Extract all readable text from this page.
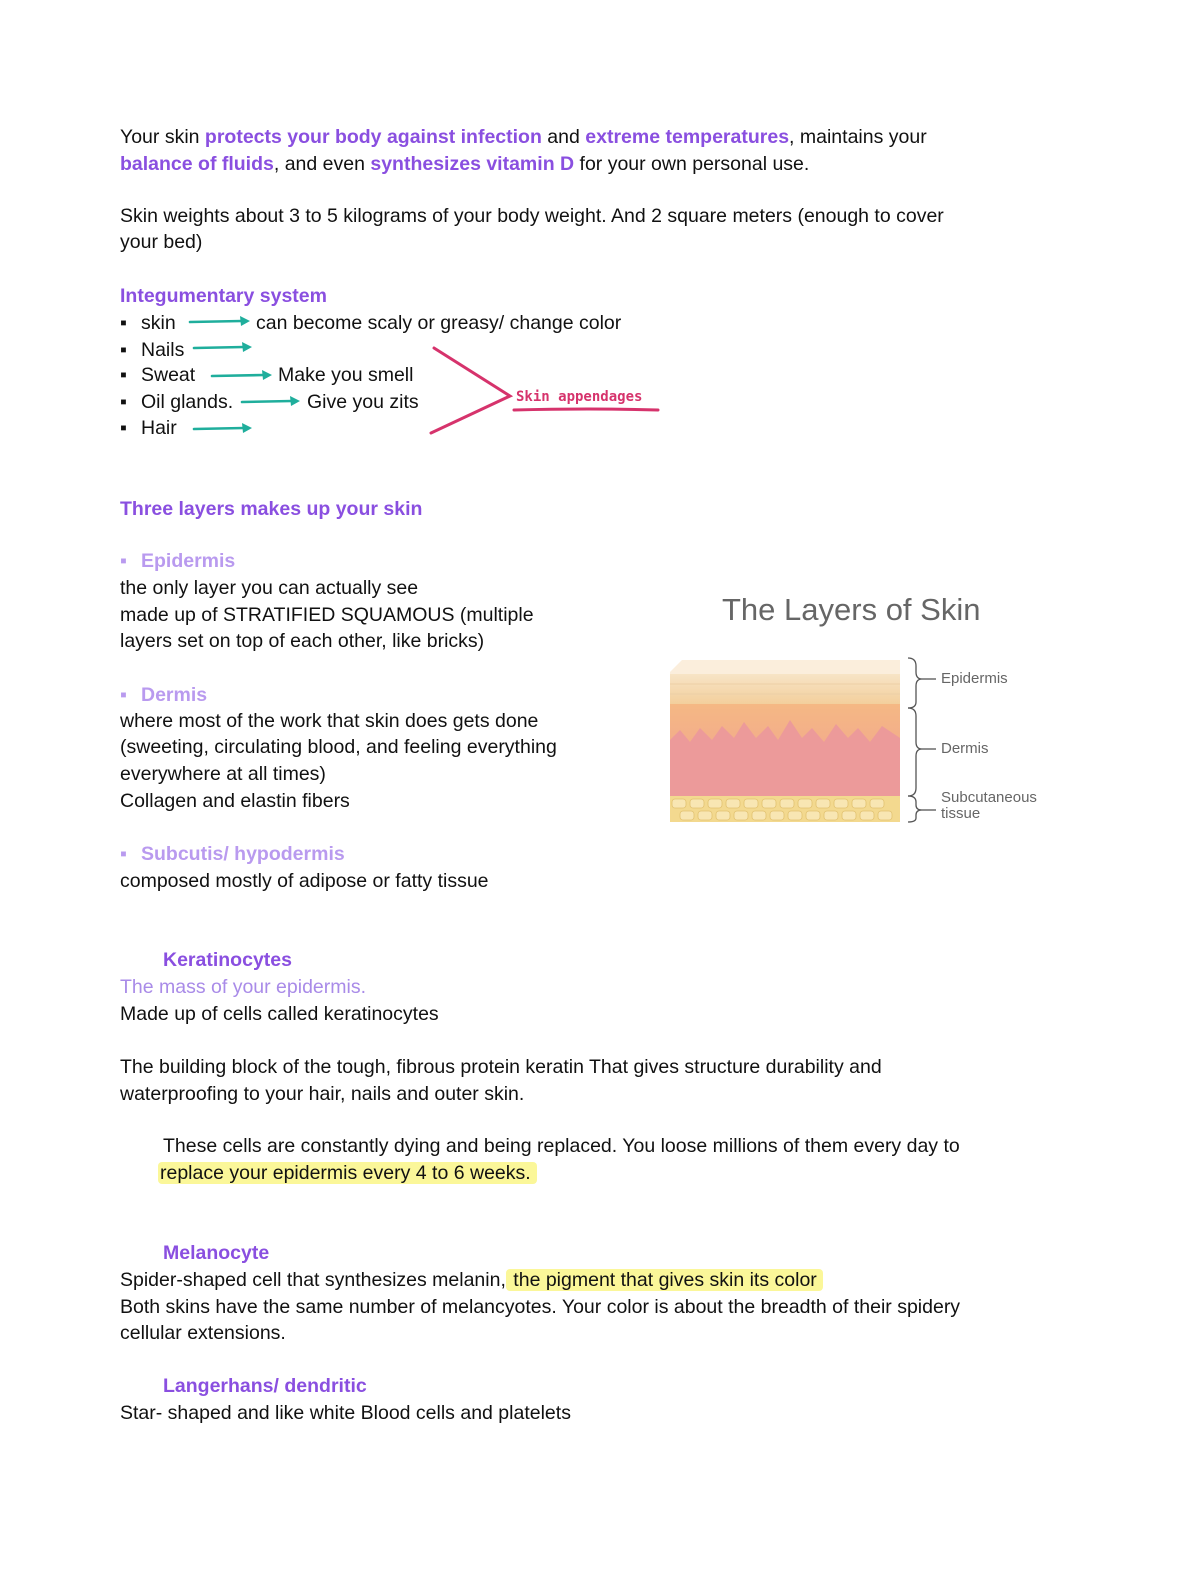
Your skin protects your body against infection and extreme temperatures, maintains your
balance of fluids, and even synthesizes vitamin D for your own personal use.
Skin weights about 3 to 5 kilograms of your body weight. And 2 square meters (enough to cover
your bed)
Integumentary system
▪ skin	can become scaly or greasy/ change color
▪ Nails
▪ Sweat	Make you smell
▪ Oil glands.	Give you zits
▪ Hair
Skin appendages
Three layers makes up your skin
▪ Epidermis
the only layer you can actually see
made up of STRATIFIED SQUAMOUS (multiple
layers set on top of each other, like bricks)
▪ Dermis
where most of the work that skin does gets done
(sweeting, circulating blood, and feeling everything
everywhere at all times)
Collagen and elastin fibers
▪ Subcutis/ hypodermis
composed mostly of adipose or fatty tissue
The Layers of Skin
Epidermis
Dermis
Subcutaneous
tissue
Keratinocytes
The mass of your epidermis.
Made up of cells called keratinocytes
The building block of the tough, fibrous protein keratin That gives structure durability and
waterproofing to your hair, nails and outer skin.
These cells are constantly dying and being replaced. You loose millions of them every day to
replace your epidermis every 4 to 6 weeks.
Melanocyte
Spider-shaped cell that synthesizes melanin, the pigment that gives skin its color
Both skins have the same number of melancyotes. Your color is about the breadth of their spidery
cellular extensions.
Langerhans/ dendritic
Star- shaped and like white Blood cells and platelets
